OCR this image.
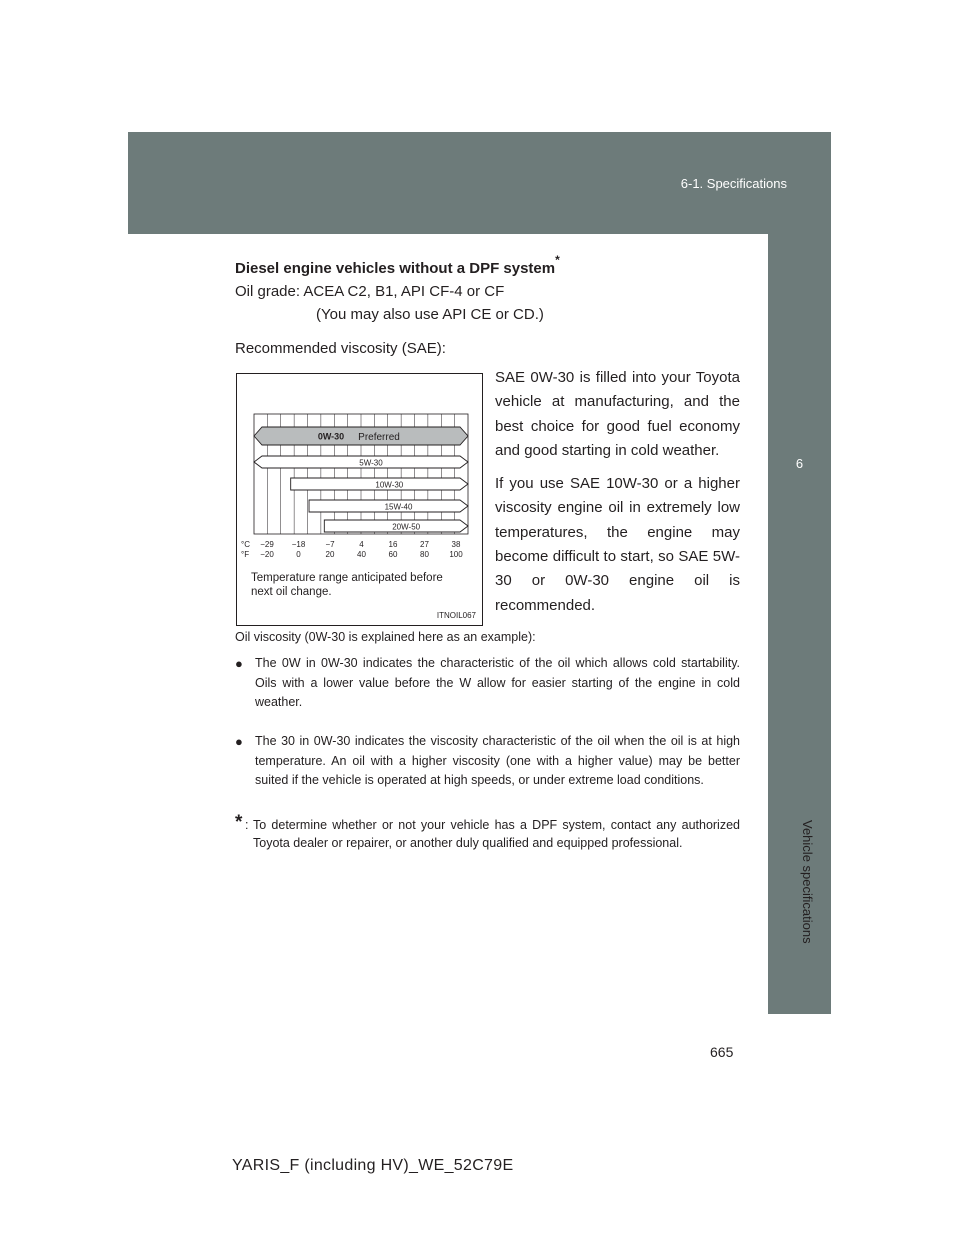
6-1. Specifications
6
Vehicle specifications
Diesel engine vehicles without a DPF system*
Oil grade: ACEA C2, B1, API CF-4 or CF
(You may also use API CE or CD.)
Recommended viscosity (SAE):
0W-30 Preferred
5W-30
10W-30
15W-40
20W-50
°C
°F
−29
−20
−18
0
−7
20
4
40
16
60
27
80
38
100
Temperature range anticipated before
next oil change.
ITNOIL067

SAE 0W-30 is filled into your Toyota vehicle at manufacturing, and the best choice for good fuel economy and good starting in cold weather.

If you use SAE 10W-30 or a higher viscosity engine oil in extremely low temperatures, the engine may become difficult to start, so SAE 5W-30 or 0W-30 engine oil is recommended.

Oil viscosity (0W-30 is explained here as an example):
● The 0W in 0W-30 indicates the characteristic of the oil which allows cold startability. Oils with a lower value before the W allow for easier starting of the engine in cold weather.
● The 30 in 0W-30 indicates the viscosity characteristic of the oil when the oil is at high temperature. An oil with a higher viscosity (one with a higher value) may be better suited if the vehicle is operated at high speeds, or under extreme load conditions.
* : To determine whether or not your vehicle has a DPF system, contact any authorized Toyota dealer or repairer, or another duly qualified and equipped professional.
665
YARIS_F (including HV)_WE_52C79E
